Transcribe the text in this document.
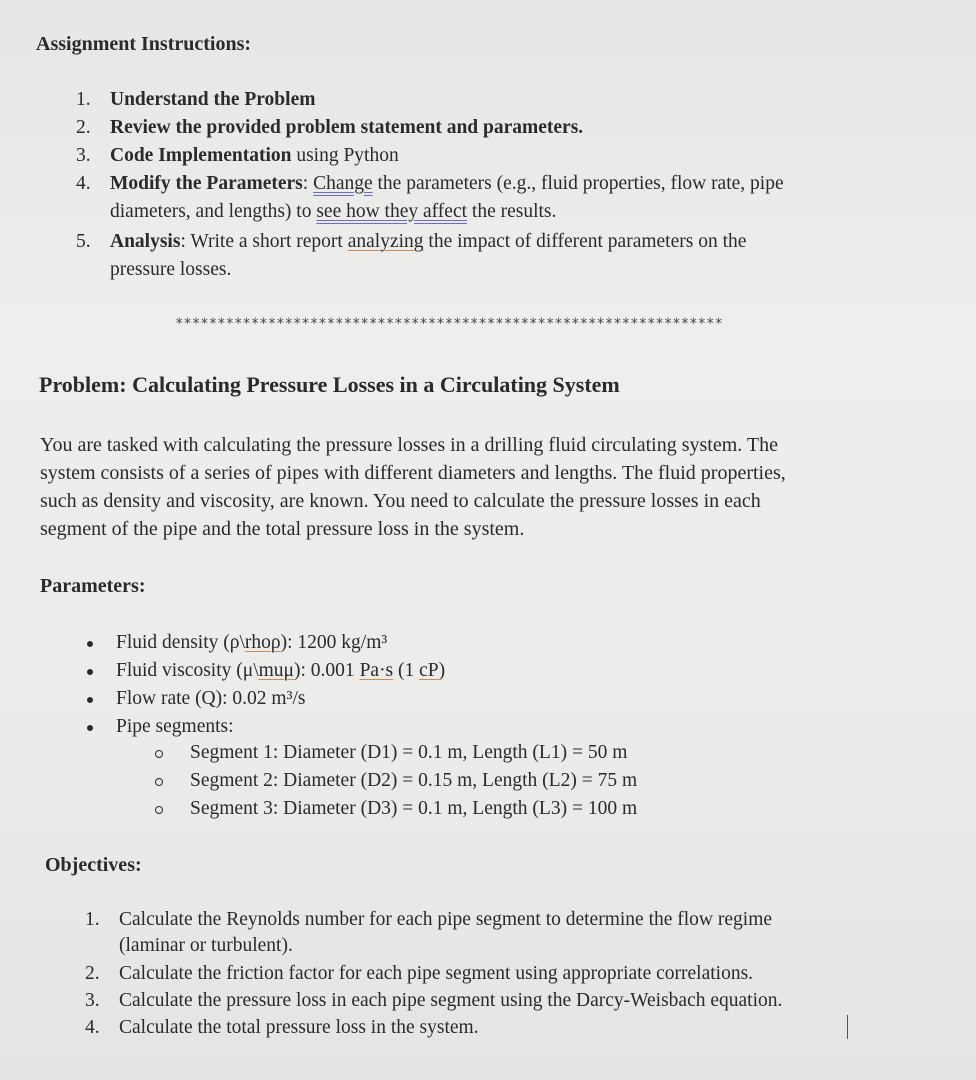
Assignment Instructions:
1. Understand the Problem
2. Review the provided problem statement and parameters.
3. Code Implementation using Python
4. Modify the Parameters: Change the parameters (e.g., fluid properties, flow rate, pipe
diameters, and lengths) to see how they affect the results.
5. Analysis: Write a short report analyzing the impact of different parameters on the
pressure losses.
*****************************************************************
Problem: Calculating Pressure Losses in a Circulating System
You are tasked with calculating the pressure losses in a drilling fluid circulating system. The
system consists of a series of pipes with different diameters and lengths. The fluid properties,
such as density and viscosity, are known. You need to calculate the pressure losses in each
segment of the pipe and the total pressure loss in the system.
Parameters:
Fluid density (ρ\rhoρ): 1200 kg/m³
Fluid viscosity (μ\muμ): 0.001 Pa·s (1 cP)
Flow rate (Q): 0.02 m³/s
Pipe segments:
Segment 1: Diameter (D1) = 0.1 m, Length (L1) = 50 m
Segment 2: Diameter (D2) = 0.15 m, Length (L2) = 75 m
Segment 3: Diameter (D3) = 0.1 m, Length (L3) = 100 m
Objectives:
1. Calculate the Reynolds number for each pipe segment to determine the flow regime
(laminar or turbulent).
2. Calculate the friction factor for each pipe segment using appropriate correlations.
3. Calculate the pressure loss in each pipe segment using the Darcy-Weisbach equation.
4. Calculate the total pressure loss in the system.
